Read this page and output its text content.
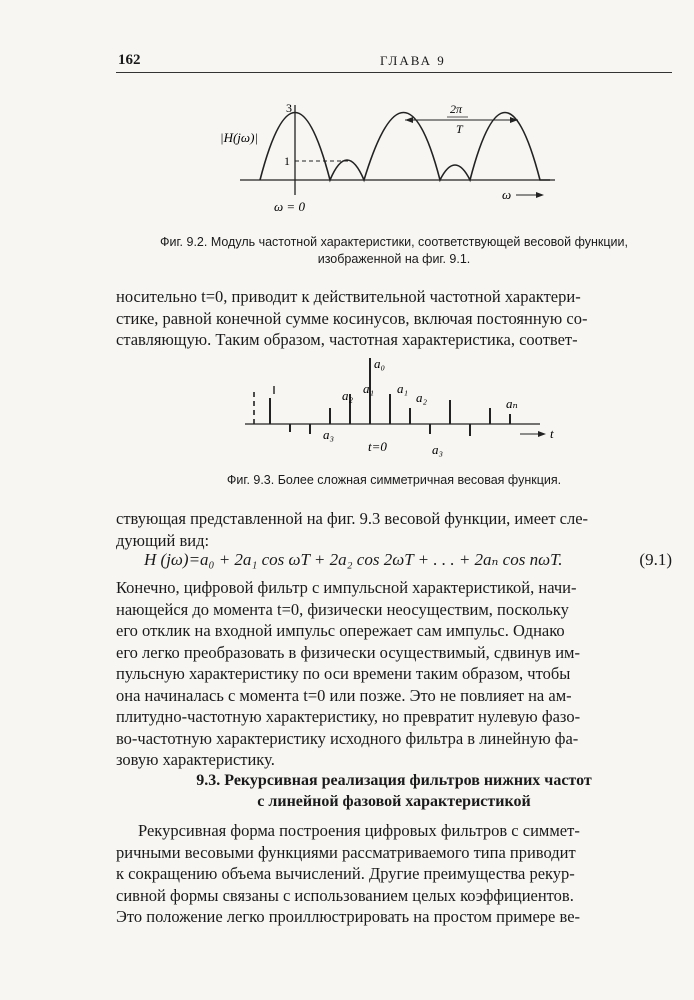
162	ГЛАВА 9
|H(jω)|
3
1
2π
T
ω = 0
ω
Фиг. 9.2. Модуль частотной характеристики, соответствующей весовой функции,
изображенной на фиг. 9.1.
носительно t=0, приводит к действительной частотной характери-
стике, равной конечной сумме косинусов, включая постоянную со-
ставляющую. Таким образом, частотная характеристика, соответ-
a₀
a₂ a₁ a₁
a₂
a₃
a₃
aₙ
t=0
t
Фиг. 9.3. Более сложная симметричная весовая функция.
ствующая представленной на фиг. 9.3 весовой функции, имеет сле-
дующий вид:
H (jω)=a₀ + 2a₁ cos ωT + 2a₂ cos 2ωT + . . . + 2aₙ cos nωT.	(9.1)
Конечно, цифровой фильтр с импульсной характеристикой, начи-
нающейся до момента t=0, физически неосуществим, поскольку
его отклик на входной импульс опережает сам импульс. Однако
его легко преобразовать в физически осуществимый, сдвинув им-
пульсную характеристику по оси времени таким образом, чтобы
она начиналась с момента t=0 или позже. Это не повлияет на ам-
плитудно-частотную характеристику, но превратит нулевую фазо-
во-частотную характеристику исходного фильтра в линейную фа-
зовую характеристику.
9.3. Рекурсивная реализация фильтров нижних частот
с линейной фазовой характеристикой
Рекурсивная форма построения цифровых фильтров с симмет-
ричными весовыми функциями рассматриваемого типа приводит
к сокращению объема вычислений. Другие преимущества рекур-
сивной формы связаны с использованием целых коэффициентов.
Это положение легко проиллюстрировать на простом примере ве-
